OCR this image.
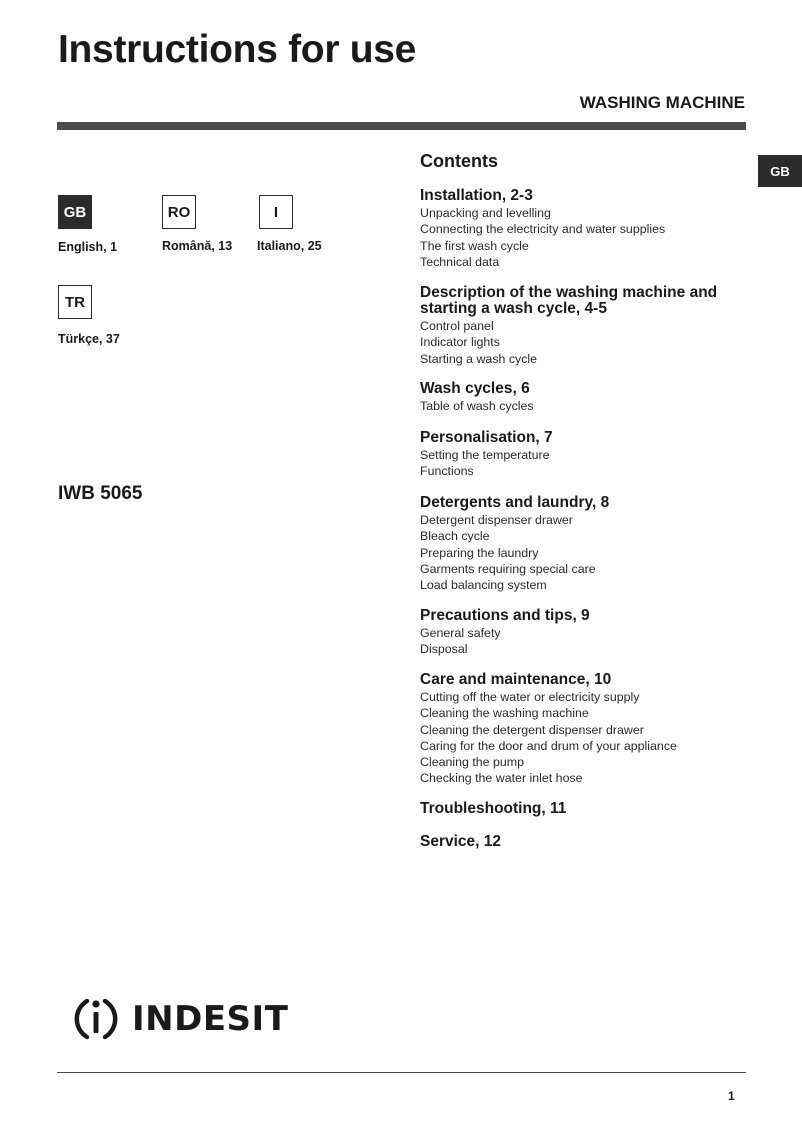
Instructions for use
WASHING MACHINE
GB
GB
English, 1
RO
Română, 13
I
Italiano, 25
TR
Türkçe, 37
IWB 5065
Contents
Installation, 2-3
Unpacking and levelling
Connecting the electricity and water supplies
The first wash cycle
Technical data
Description of the washing machine and starting a wash cycle, 4-5
Control panel
Indicator lights
Starting a wash cycle
Wash cycles, 6
Table of wash cycles
Personalisation, 7
Setting the temperature
Functions
Detergents and laundry, 8
Detergent dispenser drawer
Bleach cycle
Preparing the laundry
Garments requiring special care
Load balancing system
Precautions and tips, 9
General safety
Disposal
Care and maintenance, 10
Cutting off the water or electricity supply
Cleaning the washing machine
Cleaning the detergent dispenser drawer
Caring for the door and drum of your appliance
Cleaning the pump
Checking the water inlet hose
Troubleshooting, 11
Service, 12
INDESIT
1
